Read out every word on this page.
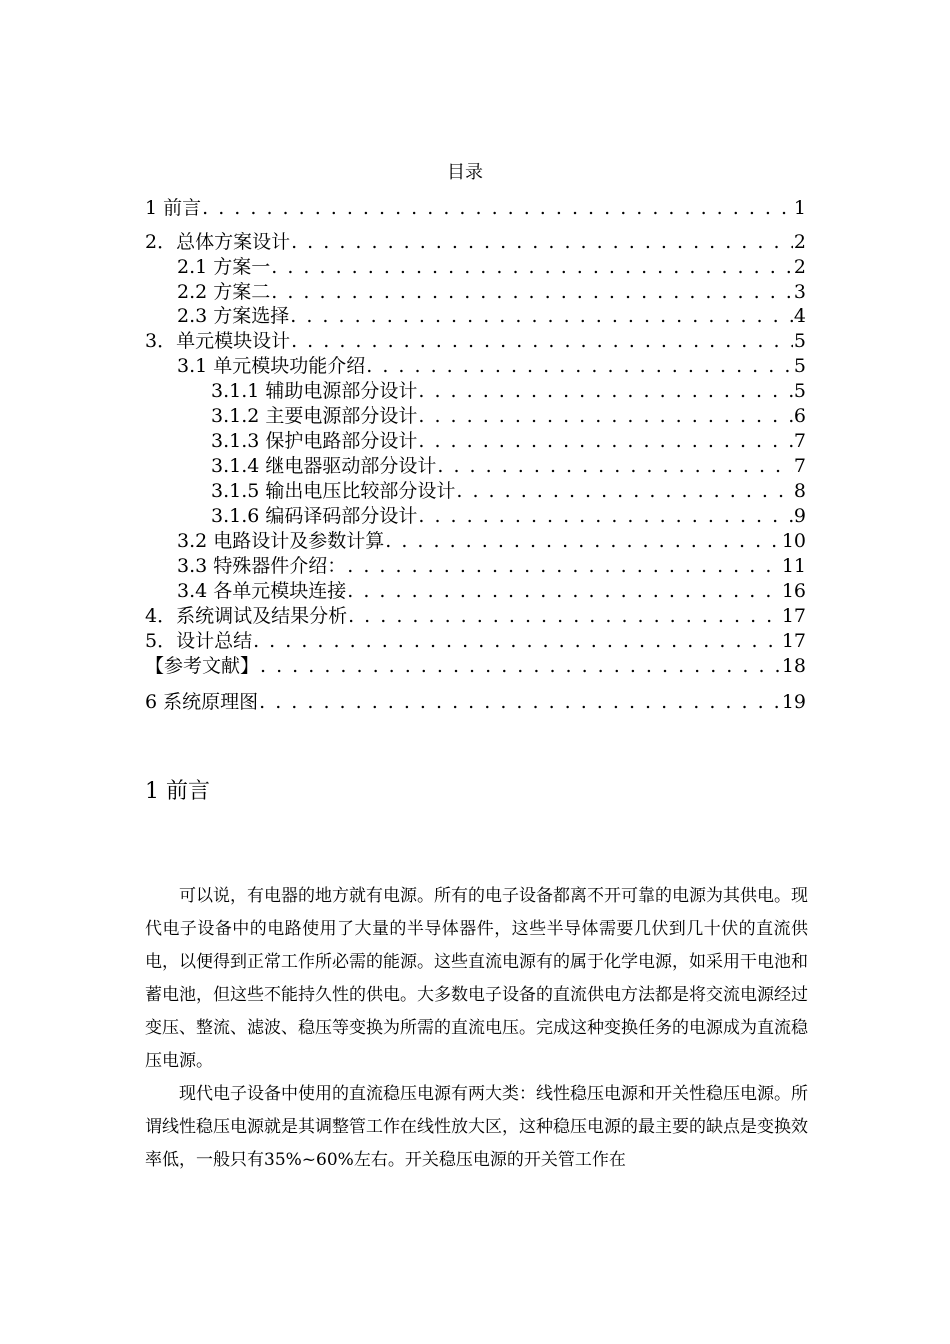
目录
1 前言 . . .	1
2．总体方案设计 . . .	2
2.1 方案一 . . .	2
2.2 方案二 . . .	3
2.3 方案选择 . . .	4
3．单元模块设计 . . .	5
3.1 单元模块功能介绍 . . .	5
3.1.1 辅助电源部分设计 . . .	5
3.1.2 主要电源部分设计 . . .	6
3.1.3 保护电路部分设计 . . .	7
3.1.4 继电器驱动部分设计 . . .	7
3.1.5 输出电压比较部分设计 . . .	8
3.1.6 编码译码部分设计 . . .	9
3.2 电路设计及参数计算 . . .	10
3.3 特殊器件介绍： . . .	11
3.4 各单元模块连接 . . .	16
4．系统调试及结果分析 . . .	17
5．设计总结 . . .	17
【参考文献】 . . .	18
6 系统原理图 . . .	19
1 前言

可以说，有电器的地方就有电源。所有的电子设备都离不开可靠的电源为其供电。现代电子设备中的电路使用了大量的半导体器件，这些半导体需要几伏到几十伏的直流供电，以便得到正常工作所必需的能源。这些直流电源有的属于化学电源，如采用干电池和蓄电池，但这些不能持久性的供电。大多数电子设备的直流供电方法都是将交流电源经过变压、整流、滤波、稳压等变换为所需的直流电压。完成这种变换任务的电源成为直流稳压电源。

现代电子设备中使用的直流稳压电源有两大类：线性稳压电源和开关性稳压电源。所谓线性稳压电源就是其调整管工作在线性放大区，这种稳压电源的最主要的缺点是变换效率低，一般只有35%~60%左右。开关稳压电源的开关管工作在
